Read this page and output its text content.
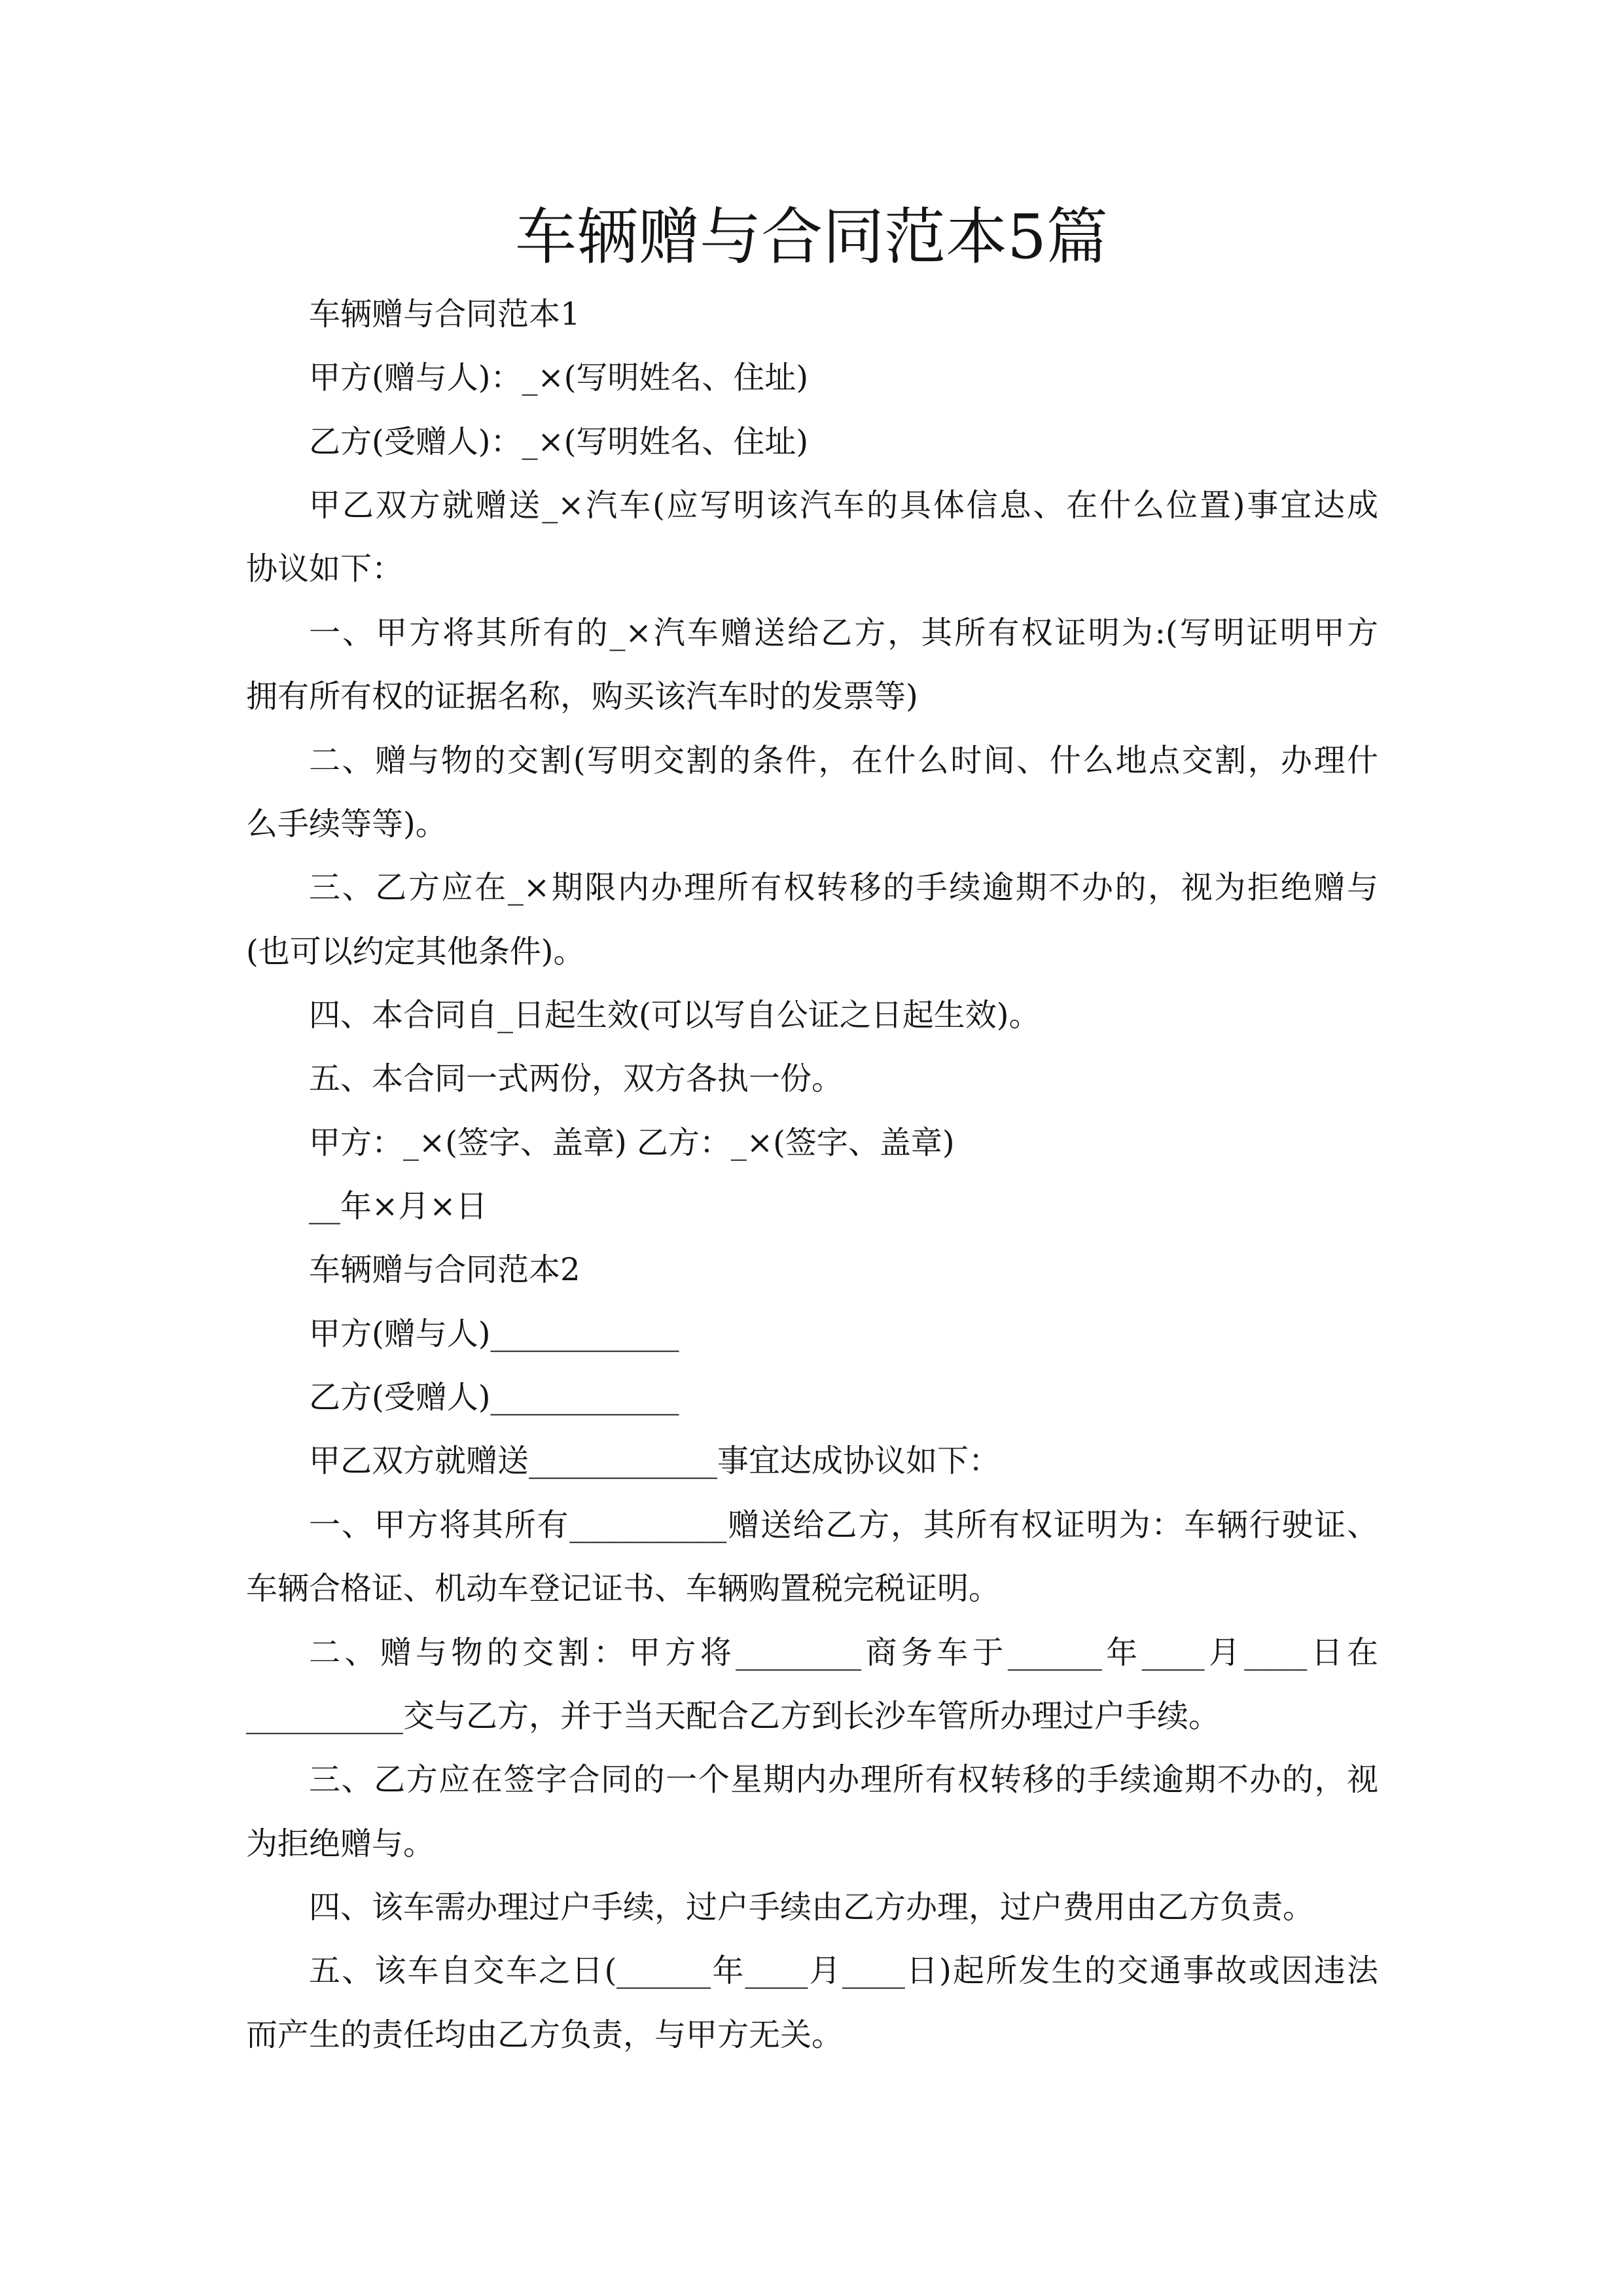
车辆赠与合同范本5篇
车辆赠与合同范本1
甲方(赠与人)：_×(写明姓名、住址)
乙方(受赠人)：_×(写明姓名、住址)
甲乙双方就赠送_×汽车(应写明该汽车的具体信息、在什么位置)事宜达成
协议如下：
一、甲方将其所有的_×汽车赠送给乙方，其所有权证明为:(写明证明甲方
拥有所有权的证据名称，购买该汽车时的发票等)
二、赠与物的交割(写明交割的条件，在什么时间、什么地点交割，办理什
么手续等等)。
三、乙方应在_×期限内办理所有权转移的手续逾期不办的，视为拒绝赠与
(也可以约定其他条件)。
四、本合同自_日起生效(可以写自公证之日起生效)。
五、本合同一式两份，双方各执一份。
甲方：_×(签字、盖章) 乙方：_×(签字、盖章)
__年×月×日
车辆赠与合同范本2
甲方(赠与人)____________
乙方(受赠人)____________
甲乙双方就赠送____________事宜达成协议如下：
一、甲方将其所有__________赠送给乙方，其所有权证明为：车辆行驶证、
车辆合格证、机动车登记证书、车辆购置税完税证明。
二、赠与物的交割：甲方将________商务车于______年____月____日在
__________交与乙方，并于当天配合乙方到长沙车管所办理过户手续。
三、乙方应在签字合同的一个星期内办理所有权转移的手续逾期不办的，视
为拒绝赠与。
四、该车需办理过户手续，过户手续由乙方办理，过户费用由乙方负责。
五、该车自交车之日(______年____月____日)起所发生的交通事故或因违法
而产生的责任均由乙方负责，与甲方无关。
